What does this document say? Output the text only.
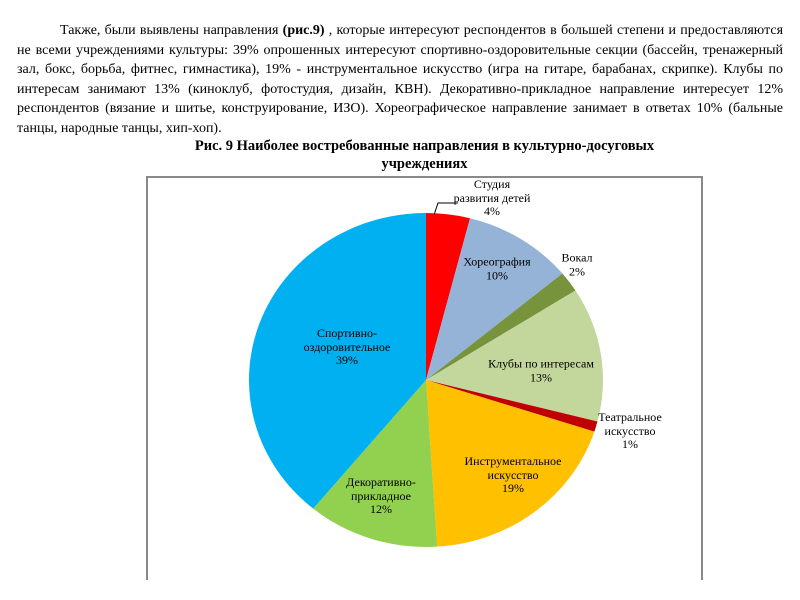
Также, были выявлены направления (рис.9) , которые интересуют респондентов в большей степени и предоставляются не всеми учреждениями культуры: 39% опрошенных интересуют спортивно-оздоровительные секции (бассейн, тренажерный зал, бокс, борьба, фитнес, гимнастика), 19% - инструментальное искусство (игра на гитаре, барабанах, скрипке). Клубы по интересам занимают 13% (киноклуб, фотостудия, дизайн, КВН). Декоративно-прикладное направление интересует 12% респондентов (вязание и шитье, конструирование, ИЗО). Хореографическое направление занимает в ответах 10% (бальные танцы, народные танцы, хип-хоп).
Рис. 9 Наиболее востребованные направления в культурно-досуговых
учреждениях
Студия
развития детей
4%
Хореография
10%
Вокал
2%
Клубы по интересам
13%
Театральное
искусство
1%
Инструментальное
искусство
19%
Декоративно-
прикладное
12%
Спортивно-
оздоровительное
39%
